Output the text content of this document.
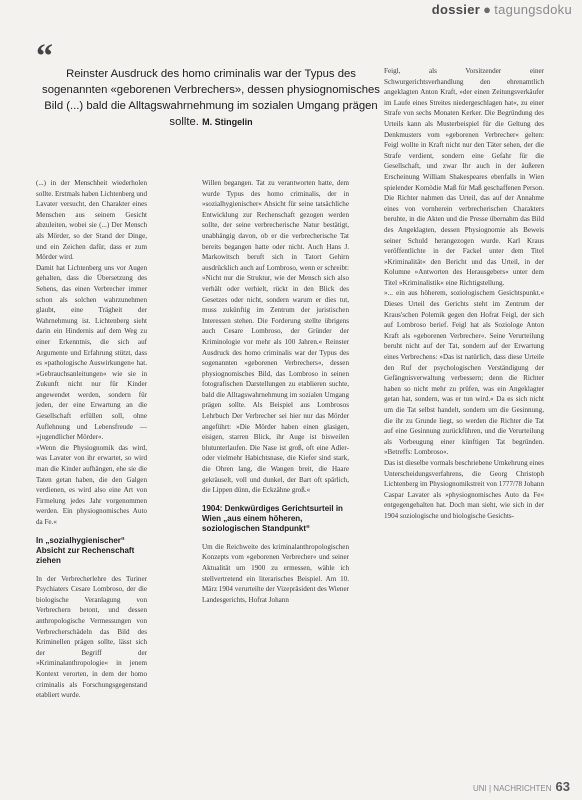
dossier ● tagungsdoku
“	Reinster Ausdruck des homo criminalis war der Typus des sogenannten «geborenen Verbrechers», dessen physiognomisches Bild (...) bald die Alltagswahrnehmung im sozialen Umgang prägen sollte. M. Stingelin

(...) in der Menschheit wiederholen sollte. Erstmals haben Lichtenberg und Lavater versucht, den Charakter eines Menschen aus seinem Gesicht abzuleiten, wobei sie (...) Der Mensch als Mörder, so der Stand der Dinge, und ein Zeichen dafür, dass er zum Mörder wird.

Damit hat Lichtenberg uns vor Augen gehalten, dass die Übersetzung des Sehens, das einen Verbrecher immer schon als solchen wahrzunehmen glaubt, eine Trägheit der Wahrnehmung ist. Lichtenberg sieht darin ein Hindernis auf dem Weg zu einer Erkenntnis, die sich auf Argumente und Erfahrung stützt, dass es »pathologische Auswirkungen« hat. »Gebrauchsanleitungen« wie sie in Zukunft nicht nur für Kinder angewendet werden, sondern für jeden, der eine Erwartung an die Gesellschaft erfüllen soll, ohne Auflehnung und Lebensfreude — »jugendlicher Mörder«.

»Wenn die Physiognomik das wird, was Lavater von ihr erwartet, so wird man die Kinder aufhängen, ehe sie die Taten getan haben, die den Galgen verdienen, es wird also eine Art von Firmelung jedes Jahr vorgenommen werden. Ein physiognomisches Auto da Fe.«

In „sozialhygienischer“ Absicht zur Rechenschaft ziehen

In der Verbrecherlehre des Turiner Psychiaters Cesare Lombroso, der die biologische Veranlagung von Verbrechern betont, und dessen anthropologische Vermessungen von Verbrecherschädeln das Bild des Kriminellen prägen sollte, lässt sich der Begriff der »Kriminalanthropologie« in jenem Kontext verorten, in dem der homo criminalis als Forschungsgegenstand etabliert wurde.

Willen begangen. Tat zu verantworten hatte, dem wurde Typus des homo criminalis, der in »sozialhygienischer« Absicht für seine tatsächliche Entwicklung zur Rechenschaft gezogen werden sollte, der seine verbrecherische Natur bestätigt, unabhängig davon, ob er die verbrecherische Tat bereits begangen hatte oder nicht. Auch Hans J. Markowitsch beruft sich in Tatort Gehirn ausdrücklich auch auf Lombroso, wenn er schreibt: »Nicht nur die Struktur, wie der Mensch sich also verhält oder verhielt, rückt in den Blick des Gesetzes oder nicht, sondern warum er dies tut, muss zukünftig im Zentrum der juristischen Interessen stehen. Die Forderung stellte übrigens auch Cesare Lombroso, der Gründer der Kriminologie vor mehr als 100 Jahren.« Reinster Ausdruck des homo criminalis war der Typus des sogenannten »geborenen Verbrechers«, dessen physiognomisches Bild, das Lombroso in seinen fotografischen Darstellungen zu etablieren suchte, bald die Alltagswahrnehmung im sozialen Umgang prägen sollte. Als Beispiel aus Lombrosos Lehrbuch Der Verbrecher sei hier nur das Mörder angeführt: »Die Mörder haben einen glasigen, eisigen, starren Blick, ihr Auge ist bisweilen blutunterlaufen. Die Nase ist groß, oft eine Adler- oder vielmehr Habichtsnase, die Kiefer sind stark, die Ohren lang, die Wangen breit, die Haare gekräuselt, voll und dunkel, der Bart oft spärlich, die Lippen dünn, die Eckzähne groß.«

1904: Denkwürdiges Gerichtsurteil in Wien „aus einem höheren, soziologischen Standpunkt“

Um die Reichweite des kriminalanthropologischen Konzepts vom »geborenen Verbrecher« und seiner Aktualität um 1900 zu ermessen, wähle ich stellvertretend ein literarisches Beispiel. Am 10. März 1904 verurteilte der Vizepräsident des Wiener Landesgerichts, Hofrat Johann

Feigl, als Vorsitzender einer Schwurgerichtsverhandlung den ehrenamtlich angeklagten Anton Kraft, »der einen Zeitungsverkäufer im Laufe eines Streites niedergeschlagen hat«, zu einer Strafe von sechs Monaten Kerker. Die Begründung des Urteils kann als Musterbeispiel für die Geltung des Denkmusters vom »geborenen Verbrecher« gelten: Feigl wollte in Kraft nicht nur den Täter sehen, der die Strafe verdient, sondern eine Gefahr für die Gesellschaft, und zwar Ihr auch in der äußeren Erscheinung William Shakespeares ebenfalls in Wien spielender Komödie Maß für Maß geschaffenen Person. Die Richter nahmen das Urteil, das auf der Annahme eines von vornherein verbrecherischen Charakters beruhte, in die Akten und die Presse übernahm das Bild des Angeklagten, dessen Physiognomie als Beweis seiner Schuld herangezogen wurde. Karl Kraus veröffentlichte in der Fackel unter dem Titel »Kriminalität« den Bericht und das Urteil, in der Kolumne »Antworten des Herausgebers« unter dem Titel »Kriminalistik« eine Richtigstellung.

»... ein aus höherem, soziologischem Gesichtspunkt.« Dieses Urteil des Gerichts steht im Zentrum der Kraus'schen Polemik gegen den Hofrat Feigl, der sich auf Lombroso berief. Feigl hat als Soziologe Anton Kraft als »geborenen Verbrecher«. Seine Verurteilung beruht nicht auf der Tat, sondern auf der Erwartung eines Verbrechens: »Das ist natürlich, dass diese Urteile den Ruf der psychologischen Verständigung der Gefängnisverwaltung verbessern; denn die Richter haben so nicht mehr zu prüfen, was ein Angeklagter getan hat, sondern, was er tun wird.« Da es sich nicht um die Tat selbst handelt, sondern um die Gesinnung, die ihr zu Grunde liegt, so werden die Richter die Tat auf eine Gesinnung zurückführen, und die Verurteilung als Vorbeugung einer künftigen Tat begründen. »Betreffs: Lombroso«.

Das ist dieselbe vormals beschriebene Umkehrung eines Unterscheidungsverfahrens, die Georg Christoph Lichtenberg im Physiognomikstreit von 1777/78 Johann Caspar Lavater als »physiognomisches Auto da Fe« entgegengehalten hat. Doch man sieht, wie sich in der 1904 soziologische und biologische Gesichts-

UNI | NACHRICHTEN 63
